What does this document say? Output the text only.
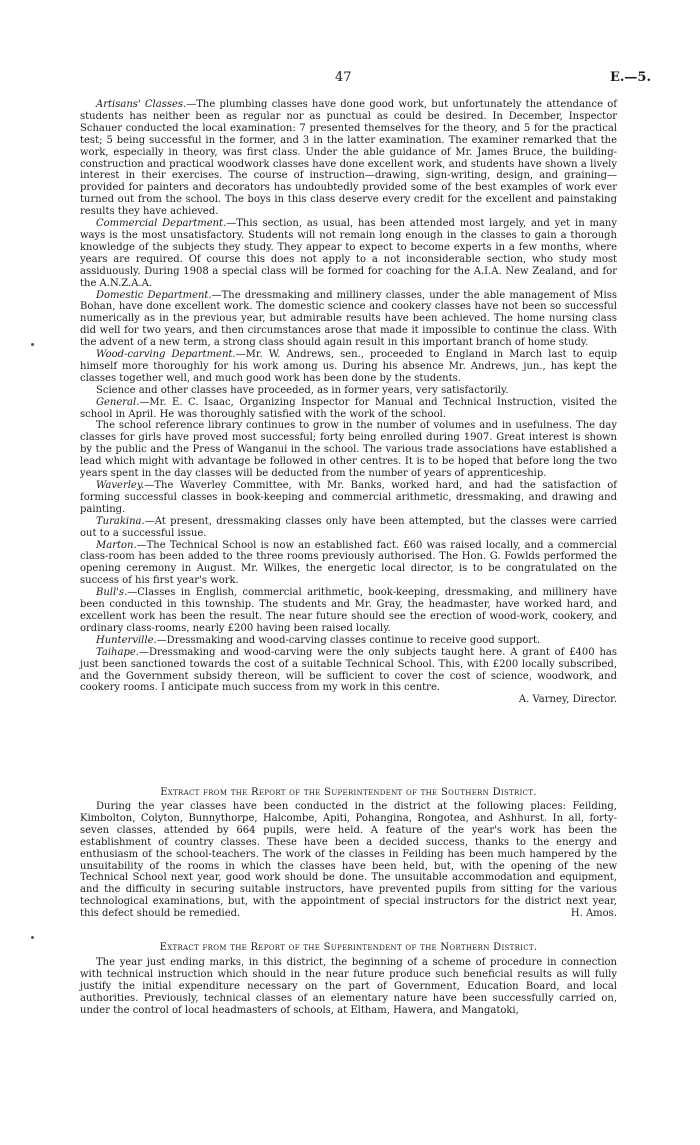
47	E.—5.

Artisans' Classes.—The plumbing classes have done good work, but unfortunately the attendance of students has neither been as regular nor as punctual as could be desired. In December, Inspector Schauer conducted the local examination: 7 presented themselves for the theory, and 5 for the practical test; 5 being successful in the former, and 3 in the latter examination. The examiner remarked that the work, especially in theory, was first class. Under the able guidance of Mr. James Bruce, the building-construction and practical woodwork classes have done excellent work, and students have shown a lively interest in their exercises. The course of instruction—drawing, sign-writing, design, and graining—provided for painters and decorators has undoubtedly provided some of the best examples of work ever turned out from the school. The boys in this class deserve every credit for the excellent and painstaking results they have achieved.

Commercial Department.—This section, as usual, has been attended most largely, and yet in many ways is the most unsatisfactory. Students will not remain long enough in the classes to gain a thorough knowledge of the subjects they study. They appear to expect to become experts in a few months, where years are required. Of course this does not apply to a not inconsiderable section, who study most assiduously. During 1908 a special class will be formed for coaching for the A.I.A. New Zealand, and for the A.N.Z.A.A.

Domestic Department.—The dressmaking and millinery classes, under the able management of Miss Bohan, have done excellent work. The domestic science and cookery classes have not been so successful numerically as in the previous year, but admirable results have been achieved. The home nursing class did well for two years, and then circumstances arose that made it impossible to continue the class. With the advent of a new term, a strong class should again result in this important branch of home study.

Wood-carving Department.—Mr. W. Andrews, sen., proceeded to England in March last to equip himself more thoroughly for his work among us. During his absence Mr. Andrews, jun., has kept the classes together well, and much good work has been done by the students.

Science and other classes have proceeded, as in former years, very satisfactorily.

General.—Mr. E. C. Isaac, Organizing Inspector for Manual and Technical Instruction, visited the school in April. He was thoroughly satisfied with the work of the school.

The school reference library continues to grow in the number of volumes and in usefulness. The day classes for girls have proved most successful; forty being enrolled during 1907. Great interest is shown by the public and the Press of Wanganui in the school. The various trade associations have established a lead which might with advantage be followed in other centres. It is to be hoped that before long the two years spent in the day classes will be deducted from the number of years of apprenticeship.

Waverley.—The Waverley Committee, with Mr. Banks, worked hard, and had the satisfaction of forming successful classes in book-keeping and commercial arithmetic, dressmaking, and drawing and painting.

Turakina.—At present, dressmaking classes only have been attempted, but the classes were carried out to a successful issue.

Marton.—The Technical School is now an established fact. £60 was raised locally, and a commercial class-room has been added to the three rooms previously authorised. The Hon. G. Fowlds performed the opening ceremony in August. Mr. Wilkes, the energetic local director, is to be congratulated on the success of his first year's work.

Bull's.—Classes in English, commercial arithmetic, book-keeping, dressmaking, and millinery have been conducted in this township. The students and Mr. Gray, the headmaster, have worked hard, and excellent work has been the result. The near future should see the erection of wood-work, cookery, and ordinary class-rooms, nearly £200 having been raised locally.

Hunterville.—Dressmaking and wood-carving classes continue to receive good support.

Taihape.—Dressmaking and wood-carving were the only subjects taught here. A grant of £400 has just been sanctioned towards the cost of a suitable Technical School. This, with £200 locally subscribed, and the Government subsidy thereon, will be sufficient to cover the cost of science, woodwork, and cookery rooms. I anticipate much success from my work in this centre.

A. Varney, Director.

Extract from the Report of the Superintendent of the Southern District.

During the year classes have been conducted in the district at the following places: Feilding, Kimbolton, Colyton, Bunnythorpe, Halcombe, Apiti, Pohangina, Rongotea, and Ashhurst. In all, forty-seven classes, attended by 664 pupils, were held. A feature of the year's work has been the establishment of country classes. These have been a decided success, thanks to the energy and enthusiasm of the school-teachers. The work of the classes in Feilding has been much hampered by the unsuitability of the rooms in which the classes have been held, but, with the opening of the new Technical School next year, good work should be done. The unsuitable accommodation and equipment, and the difficulty in securing suitable instructors, have prevented pupils from sitting for the various technological examinations, but, with the appointment of special instructors for the district next year, this defect should be remedied.	H. Amos.

Extract from the Report of the Superintendent of the Northern District.

The year just ending marks, in this district, the beginning of a scheme of procedure in connection with technical instruction which should in the near future produce such beneficial results as will fully justify the initial expenditure necessary on the part of Government, Education Board, and local authorities. Previously, technical classes of an elementary nature have been successfully carried on, under the control of local headmasters of schools, at Eltham, Hawera, and Mangatoki,
